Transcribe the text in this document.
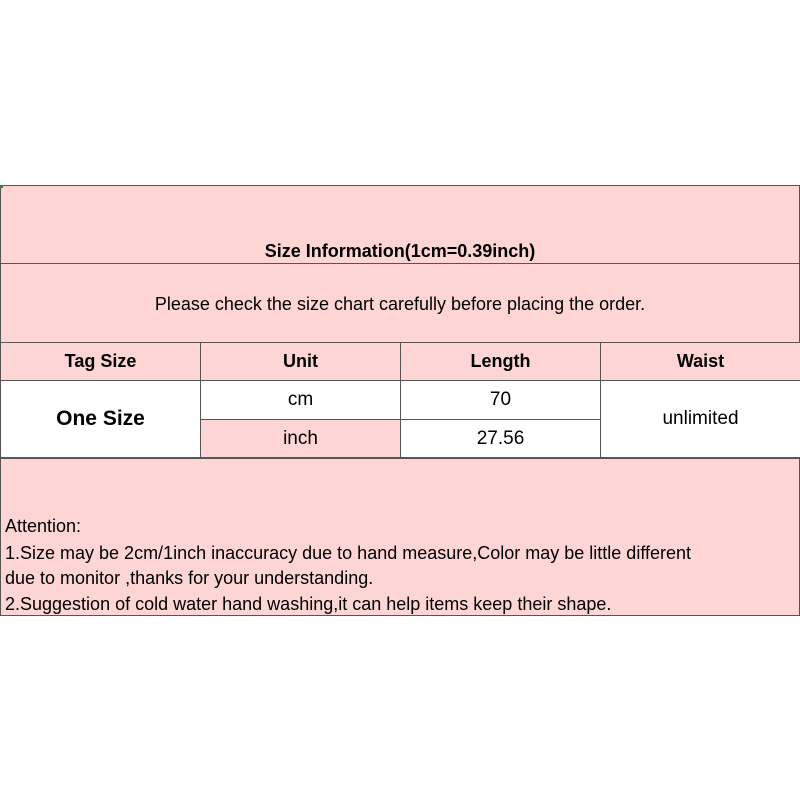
Size Information(1cm=0.39inch)
Please check the size chart carefully before placing the order.
Tag Size	Unit	Length	Waist
One Size	cm	70	unlimited
	inch	27.56	
Attention:
1.Size may be 2cm/1inch inaccuracy due to hand measure,Color may be little different
due to monitor ,thanks for your understanding.
2.Suggestion of cold water hand washing,it can help items keep their shape.
